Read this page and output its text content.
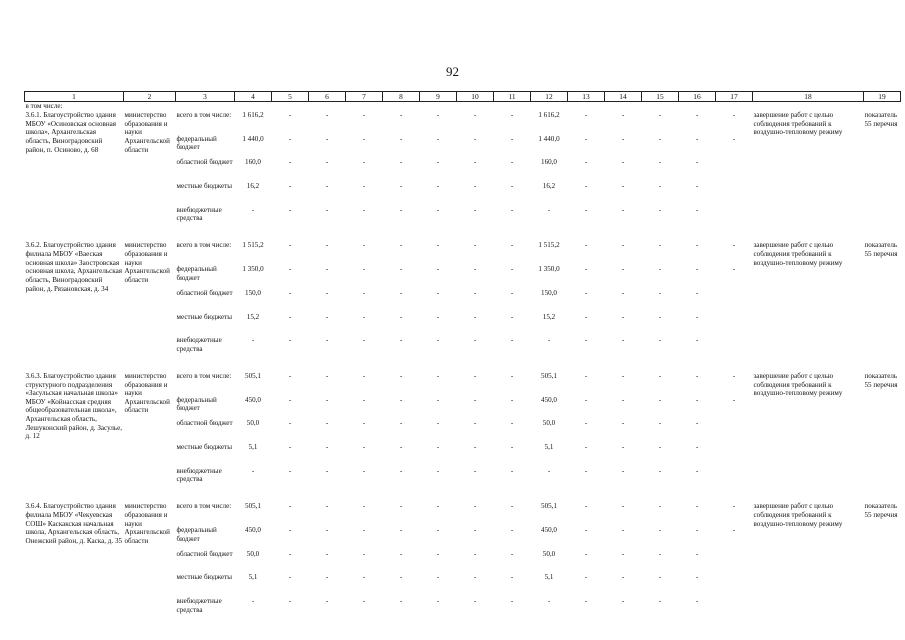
92
1	2	3	4	5	6	7	8	9	10	11	12	13	14	15	16	17	18	19
в том числе:																		
3.6.1. Благоустройство здания МБОУ «Осиновская основная школа», Архангельская область, Виноградовский район, п. Осиново, д. 68	министерство образования и науки Архангельской области	всего в том числе:	1 616,2	-	-	-	-	-	-	-	1 616,2	-	-	-	-	-	завершение работ с целью соблюдения требований к воздушно-тепловому режиму	показатель 55 перечня
		федеральный бюджет	1 440,0	-	-	-	-	-	-	-	1 440,0	-	-	-	-	-		
		областной бюджет	160,0	-	-	-	-	-	-	-	160,0	-	-	-	-			
		местные бюджеты	16,2	-	-	-	-	-	-	-	16,2	-	-	-	-			
		внебюджетные средства	-	-	-	-	-	-	-	-	-	-	-	-	-			

3.6.2. Благоустройство здания филиала МБОУ «Ваеская основная школа» Заостровская основная школа, Архангельская область, Виноградовский район, д. Рязановская, д. 34	министерство образования и науки Архангельской области	всего в том числе:	1 515,2	-	-	-	-	-	-	-	1 515,2	-	-	-	-	-	завершение работ с целью соблюдения требований к воздушно-тепловому режиму	показатель 55 перечня
		федеральный бюджет	1 350,0	-	-	-	-	-	-	-	1 350,0	-	-	-	-	-		
		областной бюджет	150,0	-	-	-	-	-	-	-	150,0	-	-	-	-			
		местные бюджеты	15,2	-	-	-	-	-	-	-	15,2	-	-	-	-			
		внебюджетные средства	-	-	-	-	-	-	-	-	-	-	-	-	-			

3.6.3. Благоустройство здания структурного подразделения «Засульская начальная школа» МБОУ «Койнасская средняя общеобразовательная школа», Архангельская область, Лешуконский район, д. Засулье, д. 12	министерство образования и науки Архангельской области	всего в том числе:	505,1	-	-	-	-	-	-	-	505,1	-	-	-	-	-	завершение работ с целью соблюдения требований к воздушно-тепловому режиму	показатель 55 перечня
		федеральный бюджет	450,0	-	-	-	-	-	-	-	450,0	-	-	-	-	-		
		областной бюджет	50,0	-	-	-	-	-	-	-	50,0	-	-	-	-			
		местные бюджеты	5,1	-	-	-	-	-	-	-	5,1	-	-	-	-			
		внебюджетные средства	-	-	-	-	-	-	-	-	-	-	-	-	-			

3.6.4. Благоустройство здания филиала МБОУ «Чекуевская СОШ» Каскакская начальная школа, Архангельская область, Онежский район, д. Каска, д. 35	министерство образования и науки Архангельской области	всего в том числе:	505,1	-	-	-	-	-	-	-	505,1	-	-	-	-	-	завершение работ с целью соблюдения требований к воздушно-тепловому режиму	показатель 55 перечня
		федеральный бюджет	450,0	-	-	-	-	-	-	-	450,0	-	-	-	-	-		
		областной бюджет	50,0	-	-	-	-	-	-	-	50,0	-	-	-	-			
		местные бюджеты	5,1	-	-	-	-	-	-	-	5,1	-	-	-	-			
		внебюджетные средства	-	-	-	-	-	-	-	-	-	-	-	-	-			
